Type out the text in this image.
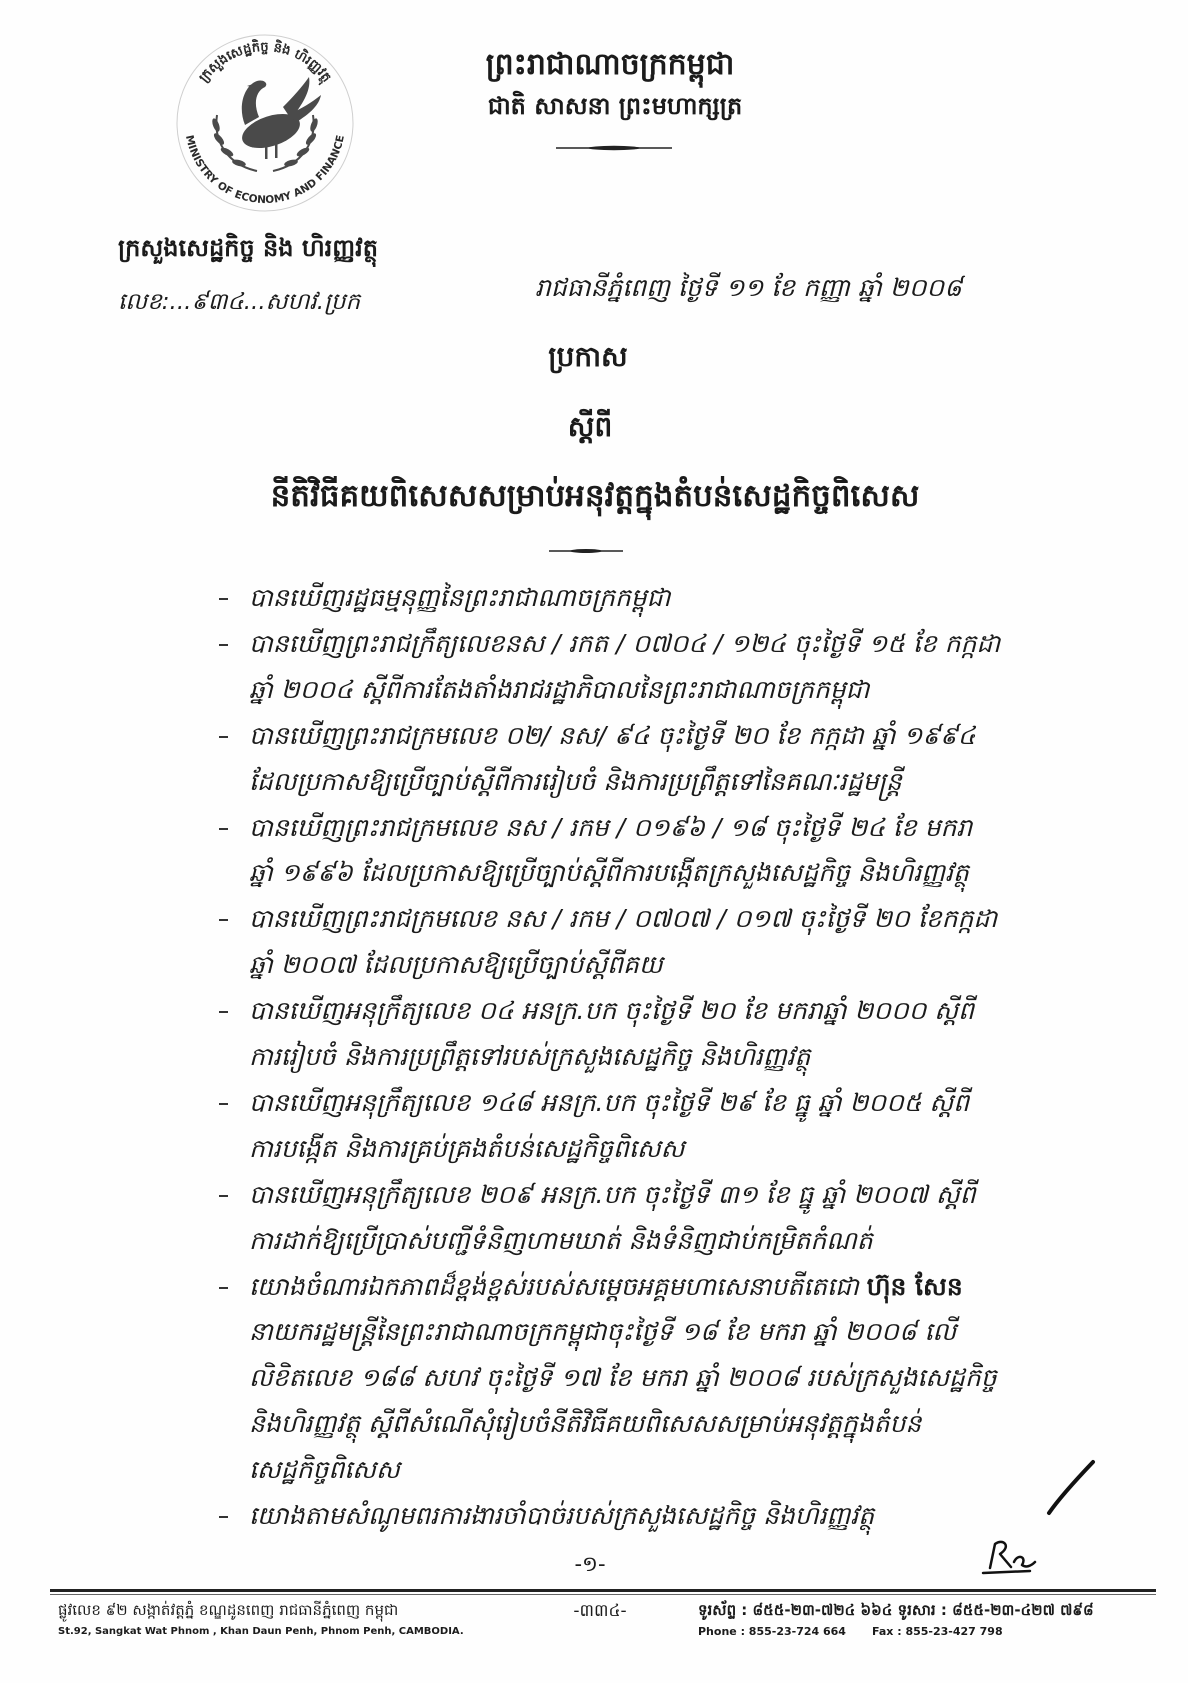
ក្រសួងសេដ្ឋកិច្ច និង ហិរញ្ញវត្ថុ
MINISTRY OF ECONOMY AND FINANCE
ព្រះរាជាណាចក្រកម្ពុជា
ជាតិ សាសនា ព្រះមហាក្សត្រ
ក្រសួងសេដ្ឋកិច្ច និង ហិរញ្ញវត្ថុ
លេខ:...៩៣៤...សហវ.ប្រក	រាជធានីភ្នំពេញ ថ្ងៃទី ១១ ខែ កញ្ញា ឆ្នាំ ២០០៨
ប្រកាស
ស្តីពី
នីតិវិធីគយពិសេសសម្រាប់អនុវត្តក្នុងតំបន់សេដ្ឋកិច្ចពិសេស
បានឃើញរដ្ឋធម្មនុញ្ញនៃព្រះរាជាណាចក្រកម្ពុជា
បានឃើញព្រះរាជក្រឹត្យលេខនស / រកត / ០៧០៤ / ១២៤ ចុះថ្ងៃទី ១៥ ខែ កក្កដា
ឆ្នាំ ២០០៤ ស្តីពីការតែងតាំងរាជរដ្ឋាភិបាលនៃព្រះរាជាណាចក្រកម្ពុជា
បានឃើញព្រះរាជក្រមលេខ ០២/ នស/ ៩៤ ចុះថ្ងៃទី ២០ ខែ កក្កដា ឆ្នាំ ១៩៩៤
ដែលប្រកាសឱ្យប្រើច្បាប់ស្តីពីការរៀបចំ និងការប្រព្រឹត្តទៅនៃគណៈរដ្ឋមន្ត្រី
បានឃើញព្រះរាជក្រមលេខ នស / រកម / ០១៩៦ / ១៨ ចុះថ្ងៃទី ២៤ ខែ មករា
ឆ្នាំ ១៩៩៦ ដែលប្រកាសឱ្យប្រើច្បាប់ស្តីពីការបង្កើតក្រសួងសេដ្ឋកិច្ច និងហិរញ្ញវត្ថុ
បានឃើញព្រះរាជក្រមលេខ នស / រកម / ០៧០៧ / ០១៧ ចុះថ្ងៃទី ២០ ខែកក្កដា
ឆ្នាំ ២០០៧ ដែលប្រកាសឱ្យប្រើច្បាប់ស្តីពីគយ
បានឃើញអនុក្រឹត្យលេខ ០៤ អនក្រ.បក ចុះថ្ងៃទី ២០ ខែ មករាឆ្នាំ ២០០០ ស្តីពី
ការរៀបចំ និងការប្រព្រឹត្តទៅរបស់ក្រសួងសេដ្ឋកិច្ច និងហិរញ្ញវត្ថុ
បានឃើញអនុក្រឹត្យលេខ ១៤៨ អនក្រ.បក ចុះថ្ងៃទី ២៩ ខែ ធ្នូ ឆ្នាំ ២០០៥ ស្តីពី
ការបង្កើត និងការគ្រប់គ្រងតំបន់សេដ្ឋកិច្ចពិសេស
បានឃើញអនុក្រឹត្យលេខ ២០៩ អនក្រ.បក ចុះថ្ងៃទី ៣១ ខែ ធ្នូ ឆ្នាំ ២០០៧ ស្តីពី
ការដាក់ឱ្យប្រើប្រាស់បញ្ជីទំនិញហាមឃាត់ និងទំនិញជាប់កម្រិតកំណត់
យោងចំណារឯកភាពដ៏ខ្ពង់ខ្ពស់របស់សម្តេចអគ្គមហាសេនាបតីតេជោ ហ៊ុន សែន
នាយករដ្ឋមន្ត្រីនៃព្រះរាជាណាចក្រកម្ពុជាចុះថ្ងៃទី ១៨ ខែ មករា ឆ្នាំ ២០០៨ លើ
លិខិតលេខ ១៨៨ សហវ ចុះថ្ងៃទី ១៧ ខែ មករា ឆ្នាំ ២០០៨ របស់ក្រសួងសេដ្ឋកិច្ច
និងហិរញ្ញវត្ថុ ស្តីពីសំណើសុំរៀបចំនីតិវិធីគយពិសេសសម្រាប់អនុវត្តក្នុងតំបន់
សេដ្ឋកិច្ចពិសេស
យោងតាមសំណូមពរការងារចាំបាច់របស់ក្រសួងសេដ្ឋកិច្ច និងហិរញ្ញវត្ថុ
-១-
ផ្លូវលេខ ៩២ សង្កាត់វត្តភ្នំ ខណ្ឌដូនពេញ រាជធានីភ្នំពេញ កម្ពុជា
St.92, Sangkat Wat Phnom , Khan Daun Penh, Phnom Penh, CAMBODIA.
-៣៣៤-	ទូរស័ព្ទ : ៨៥៥-២៣-៧២៤ ៦៦៤ ទូរសារ : ៨៥៥-២៣-៤២៧ ៧៩៨
Phone : 855-23-724 664	Fax : 855-23-427 798
